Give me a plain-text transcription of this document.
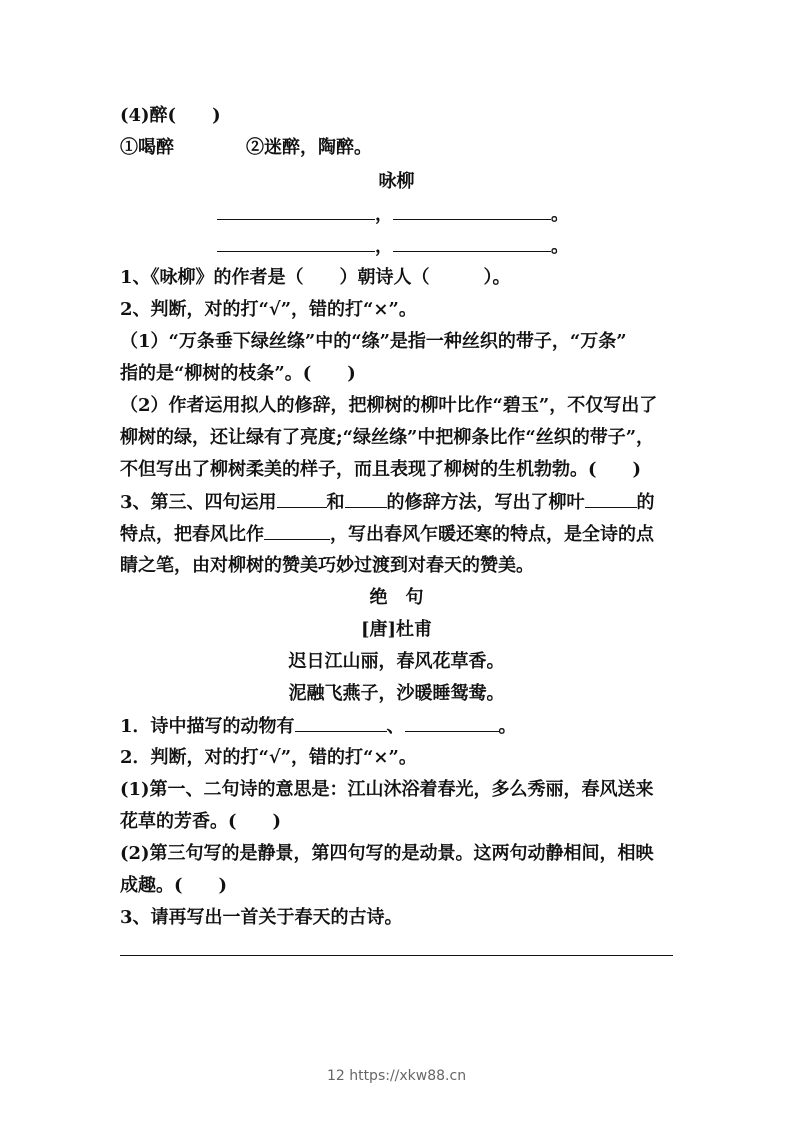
(4)醉(　　)
①喝醉　　　　②迷醉，陶醉。
咏柳
，	。
，	。
1、《咏柳》的作者是（　　）朝诗人（　　　）。
2、判断，对的打“√”，错的打“×”。
（1）“万条垂下绿丝绦”中的“绦”是指一种丝织的带子，“万条”
指的是“柳树的枝条”。(　　)
（2）作者运用拟人的修辞，把柳树的柳叶比作“碧玉”，不仅写出了
柳树的绿，还让绿有了亮度;“绿丝绦”中把柳条比作“丝织的带子”，
不但写出了柳树柔美的样子，而且表现了柳树的生机勃勃。(　　)
3、第三、四句运用	和 的修辞方法，写出了柳叶	的
特点，把春风比作	，写出春风乍暖还寒的特点，是全诗的点
睛之笔，由对柳树的赞美巧妙过渡到对春天的赞美。
绝　句
[唐]杜甫
迟日江山丽，春风花草香。
泥融飞燕子，沙暖睡鸳鸯。
1．诗中描写的动物有	、	。
2．判断，对的打“√”，错的打“×”。
(1)第一、二句诗的意思是：江山沐浴着春光，多么秀丽，春风送来
花草的芳香。(　　)
(2)第三句写的是静景，第四句写的是动景。这两句动静相间，相映
成趣。(　　)
3、请再写出一首关于春天的古诗。
12 https://xkw88.cn
